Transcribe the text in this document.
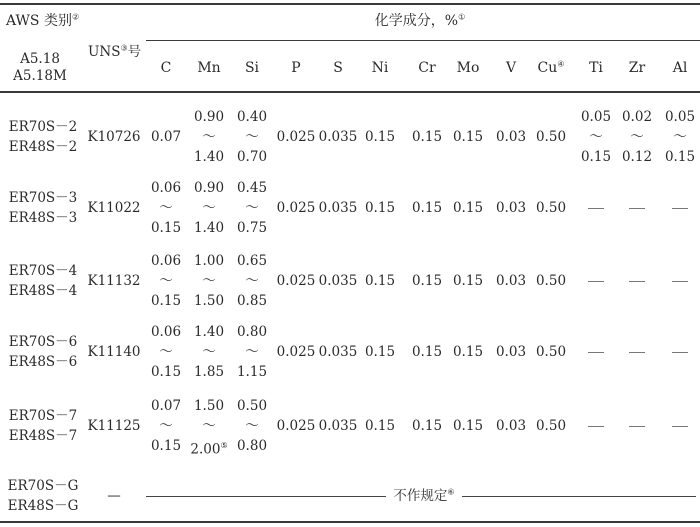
AWS 类别②	化学成分，%①
A5.18
A5.18M
UNS③号
C Mn Si P S Ni Cr Mo V Cu④ Ti Zr Al
ER70S－2
ER48S－2
K10726 0.07
0.90
～
1.40
0.40
～
0.70
0.025 0.035 0.15 0.15 0.15 0.03 0.50
0.05
～
0.15
0.02
～
0.12
0.05
～
0.15
ER70S－3
ER48S－3
K11022
0.06
～
0.15
0.90
～
1.40
0.45
～
0.75
0.025 0.035 0.15 0.15 0.15 0.03 0.50
ER70S－4
ER48S－4
K11132
0.06
～
0.15
1.00
～
1.50
0.65
～
0.85
0.025 0.035 0.15 0.15 0.15 0.03 0.50
ER70S－6
ER48S－6
K11140
0.06
～
0.15
1.40
～
1.85
0.80
～
1.15
0.025 0.035 0.15 0.15 0.15 0.03 0.50
ER70S－7
ER48S－7
K11125
0.07
～
0.15
1.50
～
2.00⑤
0.50
～
0.80
0.025 0.035 0.15 0.15 0.15 0.03 0.50
ER70S－G
ER48S－G
—	不作规定⑥
